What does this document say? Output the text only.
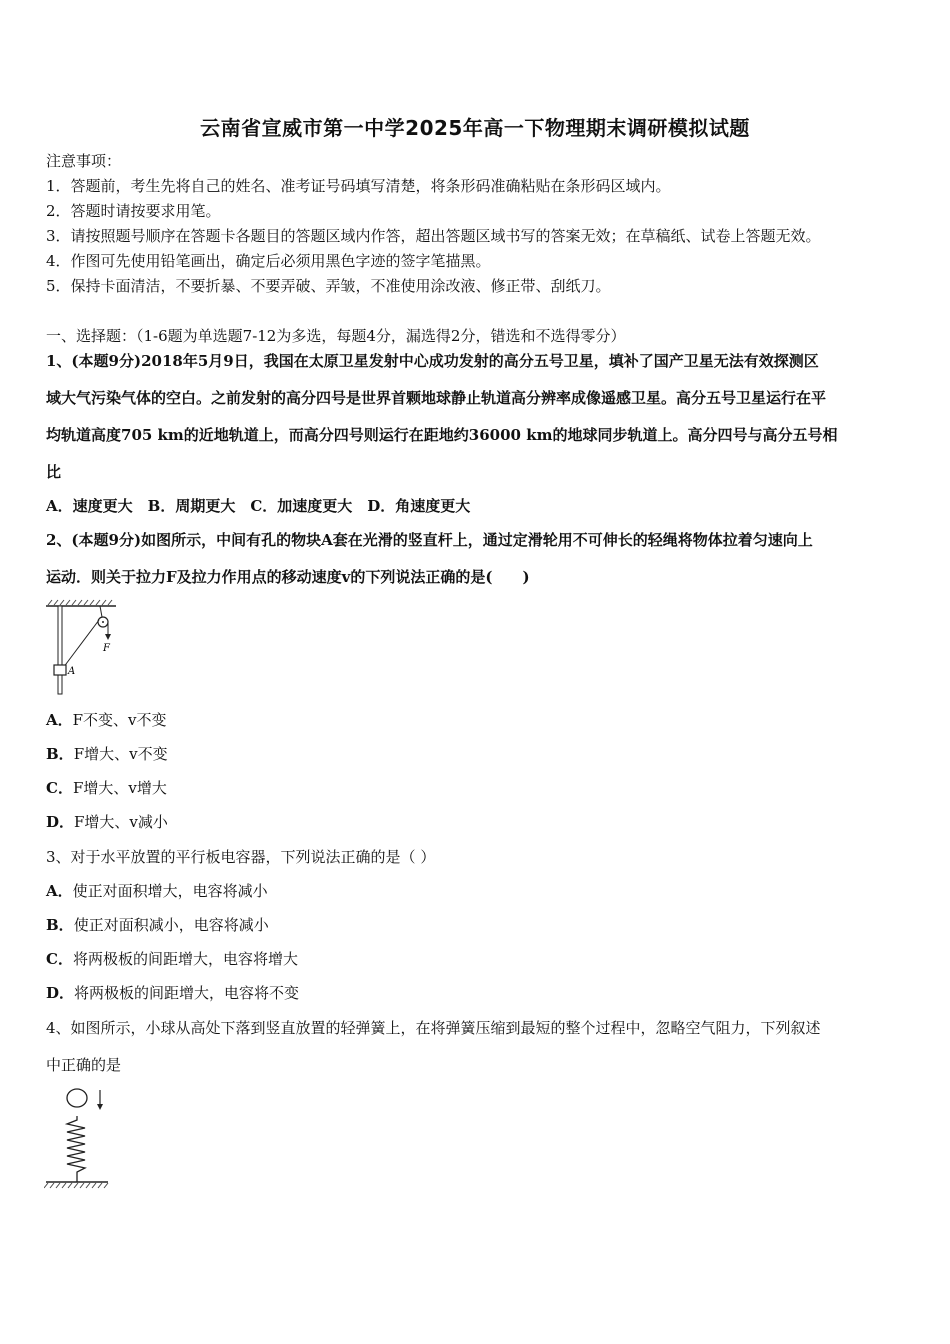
云南省宣威市第一中学2025年高一下物理期末调研模拟试题
注意事项：
1．答题前，考生先将自己的姓名、准考证号码填写清楚，将条形码准确粘贴在条形码区域内。
2．答题时请按要求用笔。
3．请按照题号顺序在答题卡各题目的答题区域内作答，超出答题区域书写的答案无效；在草稿纸、试卷上答题无效。
4．作图可先使用铅笔画出，确定后必须用黑色字迹的签字笔描黑。
5．保持卡面清洁，不要折暴、不要弄破、弄皱，不准使用涂改液、修正带、刮纸刀。
一、选择题：（1-6题为单选题7-12为多选，每题4分，漏选得2分，错选和不选得零分）
1、(本题9分)2018年5月9日，我国在太原卫星发射中心成功发射的高分五号卫星，填补了国产卫星无法有效探测区
域大气污染气体的空白。之前发射的高分四号是世界首颗地球静止轨道高分辨率成像遥感卫星。高分五号卫星运行在平
均轨道高度705 km的近地轨道上，而高分四号则运行在距地约36000 km的地球同步轨道上。高分四号与高分五号相
比
A．速度更大　B．周期更大　C．加速度更大　D．角速度更大
2、(本题9分)如图所示，中间有孔的物块A套在光滑的竖直杆上，通过定滑轮用不可伸长的轻绳将物体拉着匀速向上
运动．则关于拉力F及拉力作用点的移动速度v的下列说法正确的是(　　)
F
A
A．F不变、v不变
B．F增大、v不变
C．F增大、v增大
D．F增大、v减小
3、对于水平放置的平行板电容器，下列说法正确的是（ ）
A．使正对面积增大，电容将减小
B．使正对面积减小，电容将减小
C．将两极板的间距增大，电容将增大
D．将两极板的间距增大，电容将不变
4、如图所示，小球从高处下落到竖直放置的轻弹簧上，在将弹簧压缩到最短的整个过程中，忽略空气阻力，下列叙述
中正确的是
